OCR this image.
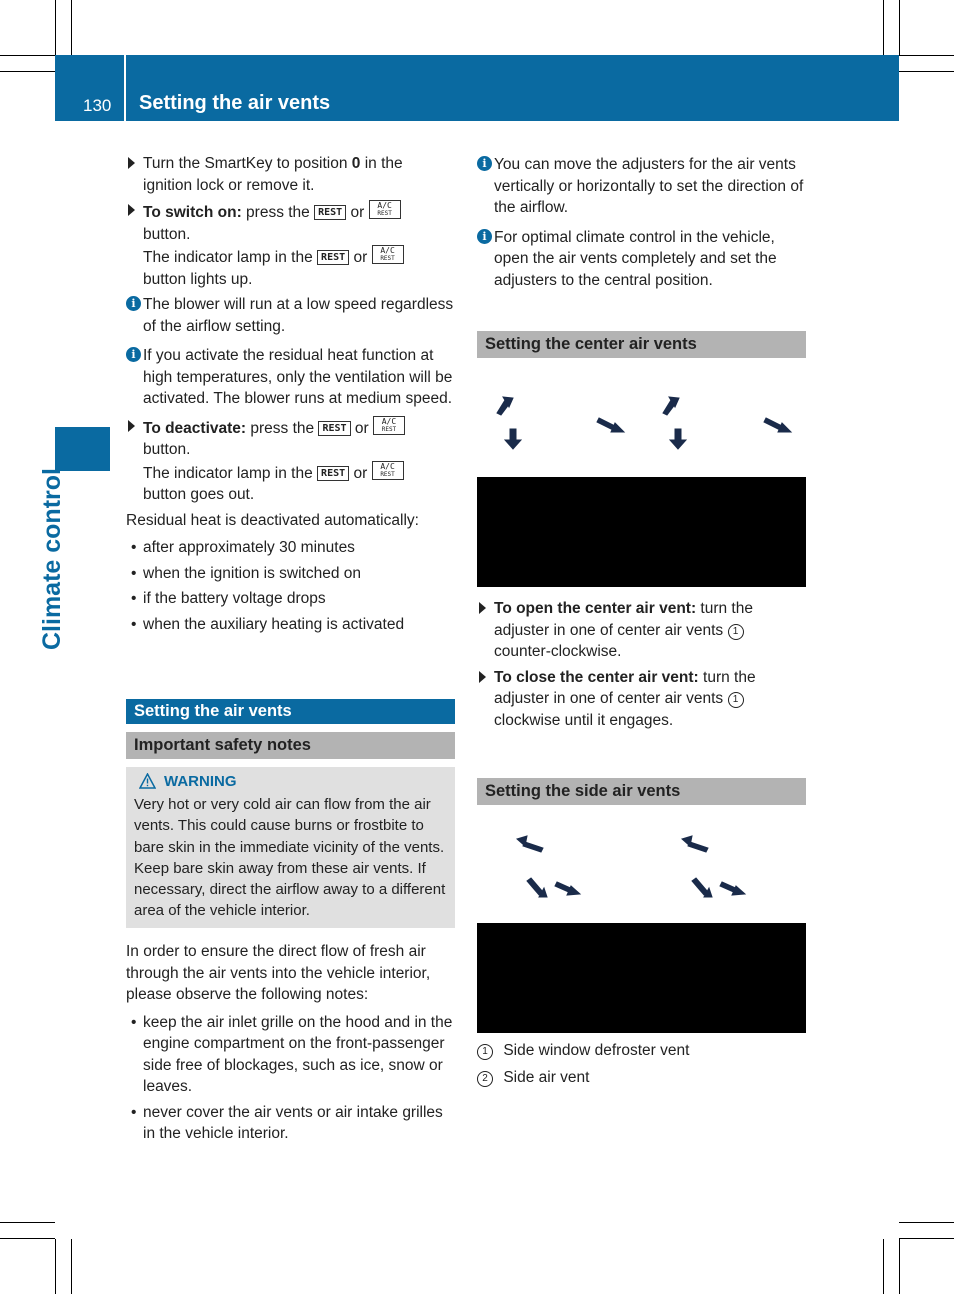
130 Setting the air vents
Climate control
Turn the SmartKey to position 0 in the ignition lock or remove it.
To switch on: press the REST or A/C
REST
button.
The indicator lamp in the REST or A/C
REST
button lights up.
i The blower will run at a low speed regardless of the airflow setting.
i If you activate the residual heat function at high temperatures, only the ventilation will be activated. The blower runs at medium speed.
To deactivate: press the REST or A/C
REST
button.
The indicator lamp in the REST or A/C
REST
button goes out.
Residual heat is deactivated automatically:
• after approximately 30 minutes
• when the ignition is switched on
• if the battery voltage drops
• when the auxiliary heating is activated
Setting the air vents
Important safety notes
WARNING
Very hot or very cold air can flow from the air vents. This could cause burns or frostbite to bare skin in the immediate vicinity of the vents. Keep bare skin away from these air vents. If necessary, direct the airflow away to a different area of the vehicle interior.
In order to ensure the direct flow of fresh air through the air vents into the vehicle interior, please observe the following notes:
• keep the air inlet grille on the hood and in the engine compartment on the front-passenger side free of blockages, such as ice, snow or leaves.
• never cover the air vents or air intake grilles in the vehicle interior.
i You can move the adjusters for the air vents vertically or horizontally to set the direction of the airflow.
i For optimal climate control in the vehicle, open the air vents completely and set the adjusters to the central position.
Setting the center air vents
To open the center air vent: turn the adjuster in one of center air vents 1
counter-clockwise.
To close the center air vent: turn the adjuster in one of center air vents 1
clockwise until it engages.
Setting the side air vents
1 Side window defroster vent
2 Side air vent
